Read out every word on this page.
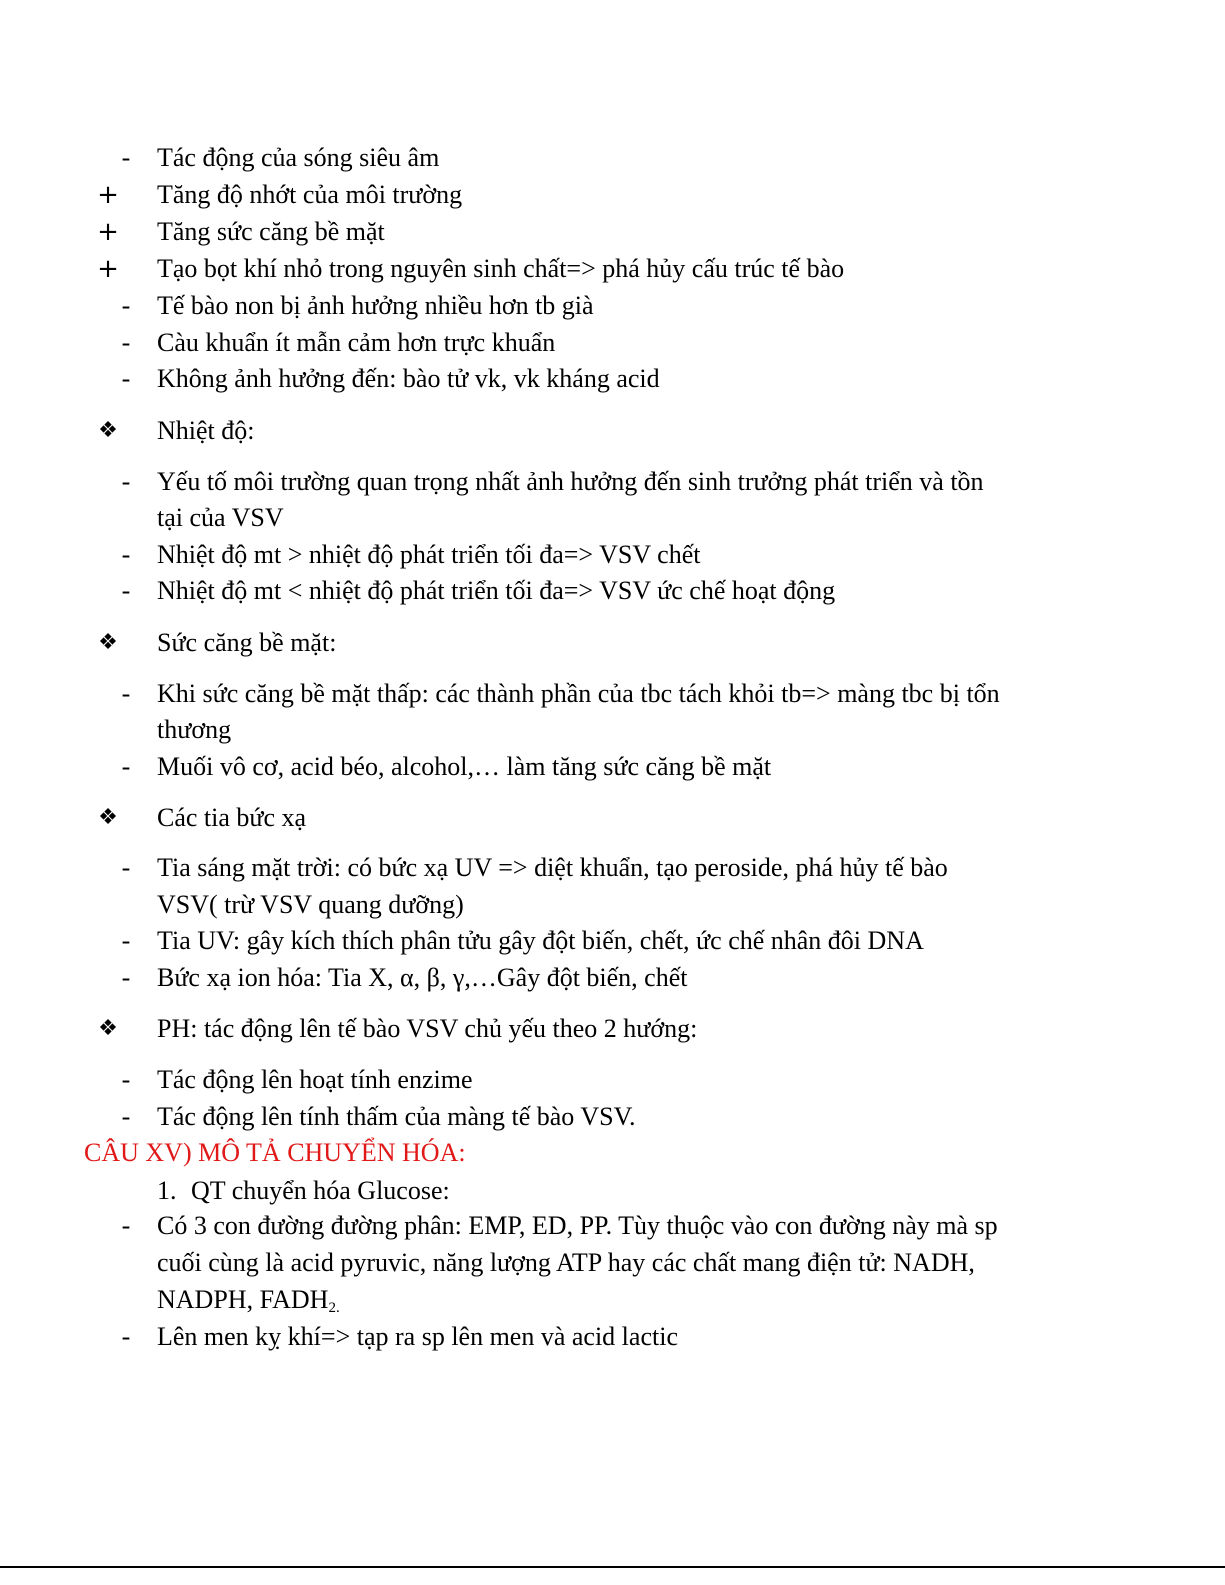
-	Tác động của sóng siêu âm
+	Tăng độ nhớt của môi trường
+	Tăng sức căng bề mặt
+	Tạo bọt khí nhỏ trong nguyên sinh chất=> phá hủy cấu trúc tế bào
-	Tế bào non bị ảnh hưởng nhiều hơn tb già
-	Càu khuẩn ít mẫn cảm hơn trực khuẩn
-	Không ảnh hưởng đến: bào tử vk, vk kháng acid
❖	Nhiệt độ:
-	Yếu tố môi trường quan trọng nhất ảnh hưởng đến sinh trưởng phát triển và tồn
tại của VSV
-	Nhiệt độ mt > nhiệt độ phát triển tối đa=> VSV chết
-	Nhiệt độ mt < nhiệt độ phát triển tối đa=> VSV ức chế hoạt động
❖	Sức căng bề mặt:
-	Khi sức căng bề mặt thấp: các thành phần của tbc tách khỏi tb=> màng tbc bị tổn
thương
-	Muối vô cơ, acid béo, alcohol,… làm tăng sức căng bề mặt
❖	Các tia bức xạ
-	Tia sáng mặt trời: có bức xạ UV => diệt khuẩn, tạo peroside, phá hủy tế bào
VSV( trừ VSV quang dưỡng)
-	Tia UV: gây kích thích phân tửu gây đột biến, chết, ức chế nhân đôi DNA
-	Bức xạ ion hóa: Tia X, α, β, γ,…Gây đột biến, chết
❖	PH: tác động lên tế bào VSV chủ yếu theo 2 hướng:
-	Tác động lên hoạt tính enzime
-	Tác động lên tính thấm của màng tế bào VSV.
CÂU XV) MÔ TẢ CHUYỂN HÓA:
1. QT chuyển hóa Glucose:
-	Có 3 con đường đường phân: EMP, ED, PP. Tùy thuộc vào con đường này mà sp
cuối cùng là acid pyruvic, năng lượng ATP hay các chất mang điện tử: NADH,
NADPH, $FADH_{2.}$
-	Lên men kỵ khí=> tạp ra sp lên men và acid lactic
